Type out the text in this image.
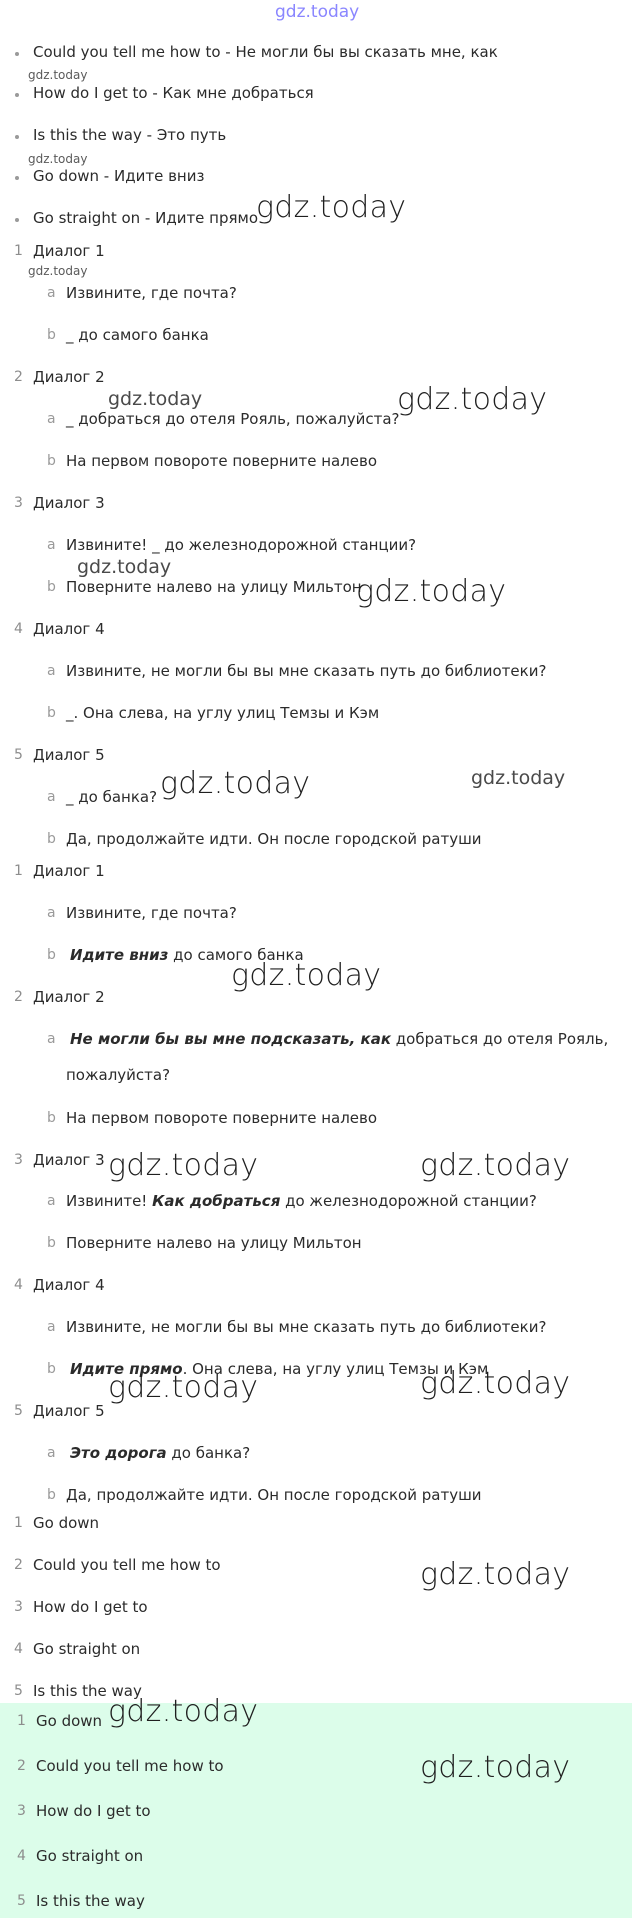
gdz.today
Could you tell me how to - Не могли бы вы сказать мне, как
How do I get to - Как мне добраться
Is this the way - Это путь
Go down - Идите вниз
Go straight on - Идите прямо
1 Диалог 1
a Извините, где почта?
b _ до самого банка
2 Диалог 2
a _ добраться до отеля Рояль, пожалуйста?
b На первом повороте поверните налево
3 Диалог 3
a Извините! _ до железнодорожной станции?
b Поверните налево на улицу Мильтон
4 Диалог 4
a Извините, не могли бы вы мне сказать путь до библиотеки?
b _. Она слева, на углу улиц Темзы и Кэм
5 Диалог 5
a _ до банка?
b Да, продолжайте идти. Он после городской ратуши
1 Диалог 1
a Извините, где почта?
b Идите вниз до самого банка
2 Диалог 2
a Не могли бы вы мне подсказать, как добраться до отеля Рояль,
пожалуйста?
b На первом повороте поверните налево
3 Диалог 3
a Извините! Как добраться до железнодорожной станции?
b Поверните налево на улицу Мильтон
4 Диалог 4
a Извините, не могли бы вы мне сказать путь до библиотеки?
b Идите прямо. Она слева, на углу улиц Темзы и Кэм
5 Диалог 5
a Это дорога до банка?
b Да, продолжайте идти. Он после городской ратуши
1 Go down
2 Could you tell me how to
3 How do I get to
4 Go straight on
5 Is this the way
1 Go down
2 Could you tell me how to
3 How do I get to
4 Go straight on
5 Is this the way
gdz.today
gdz.today
gdz.today
gdz.today
gdz.today	gdz.today
gdz.today
gdz.today
gdz.today	gdz.today
gdz.today
gdz.today	gdz.today
gdz.today	gdz.today
gdz.today
gdz.today
gdz.today
